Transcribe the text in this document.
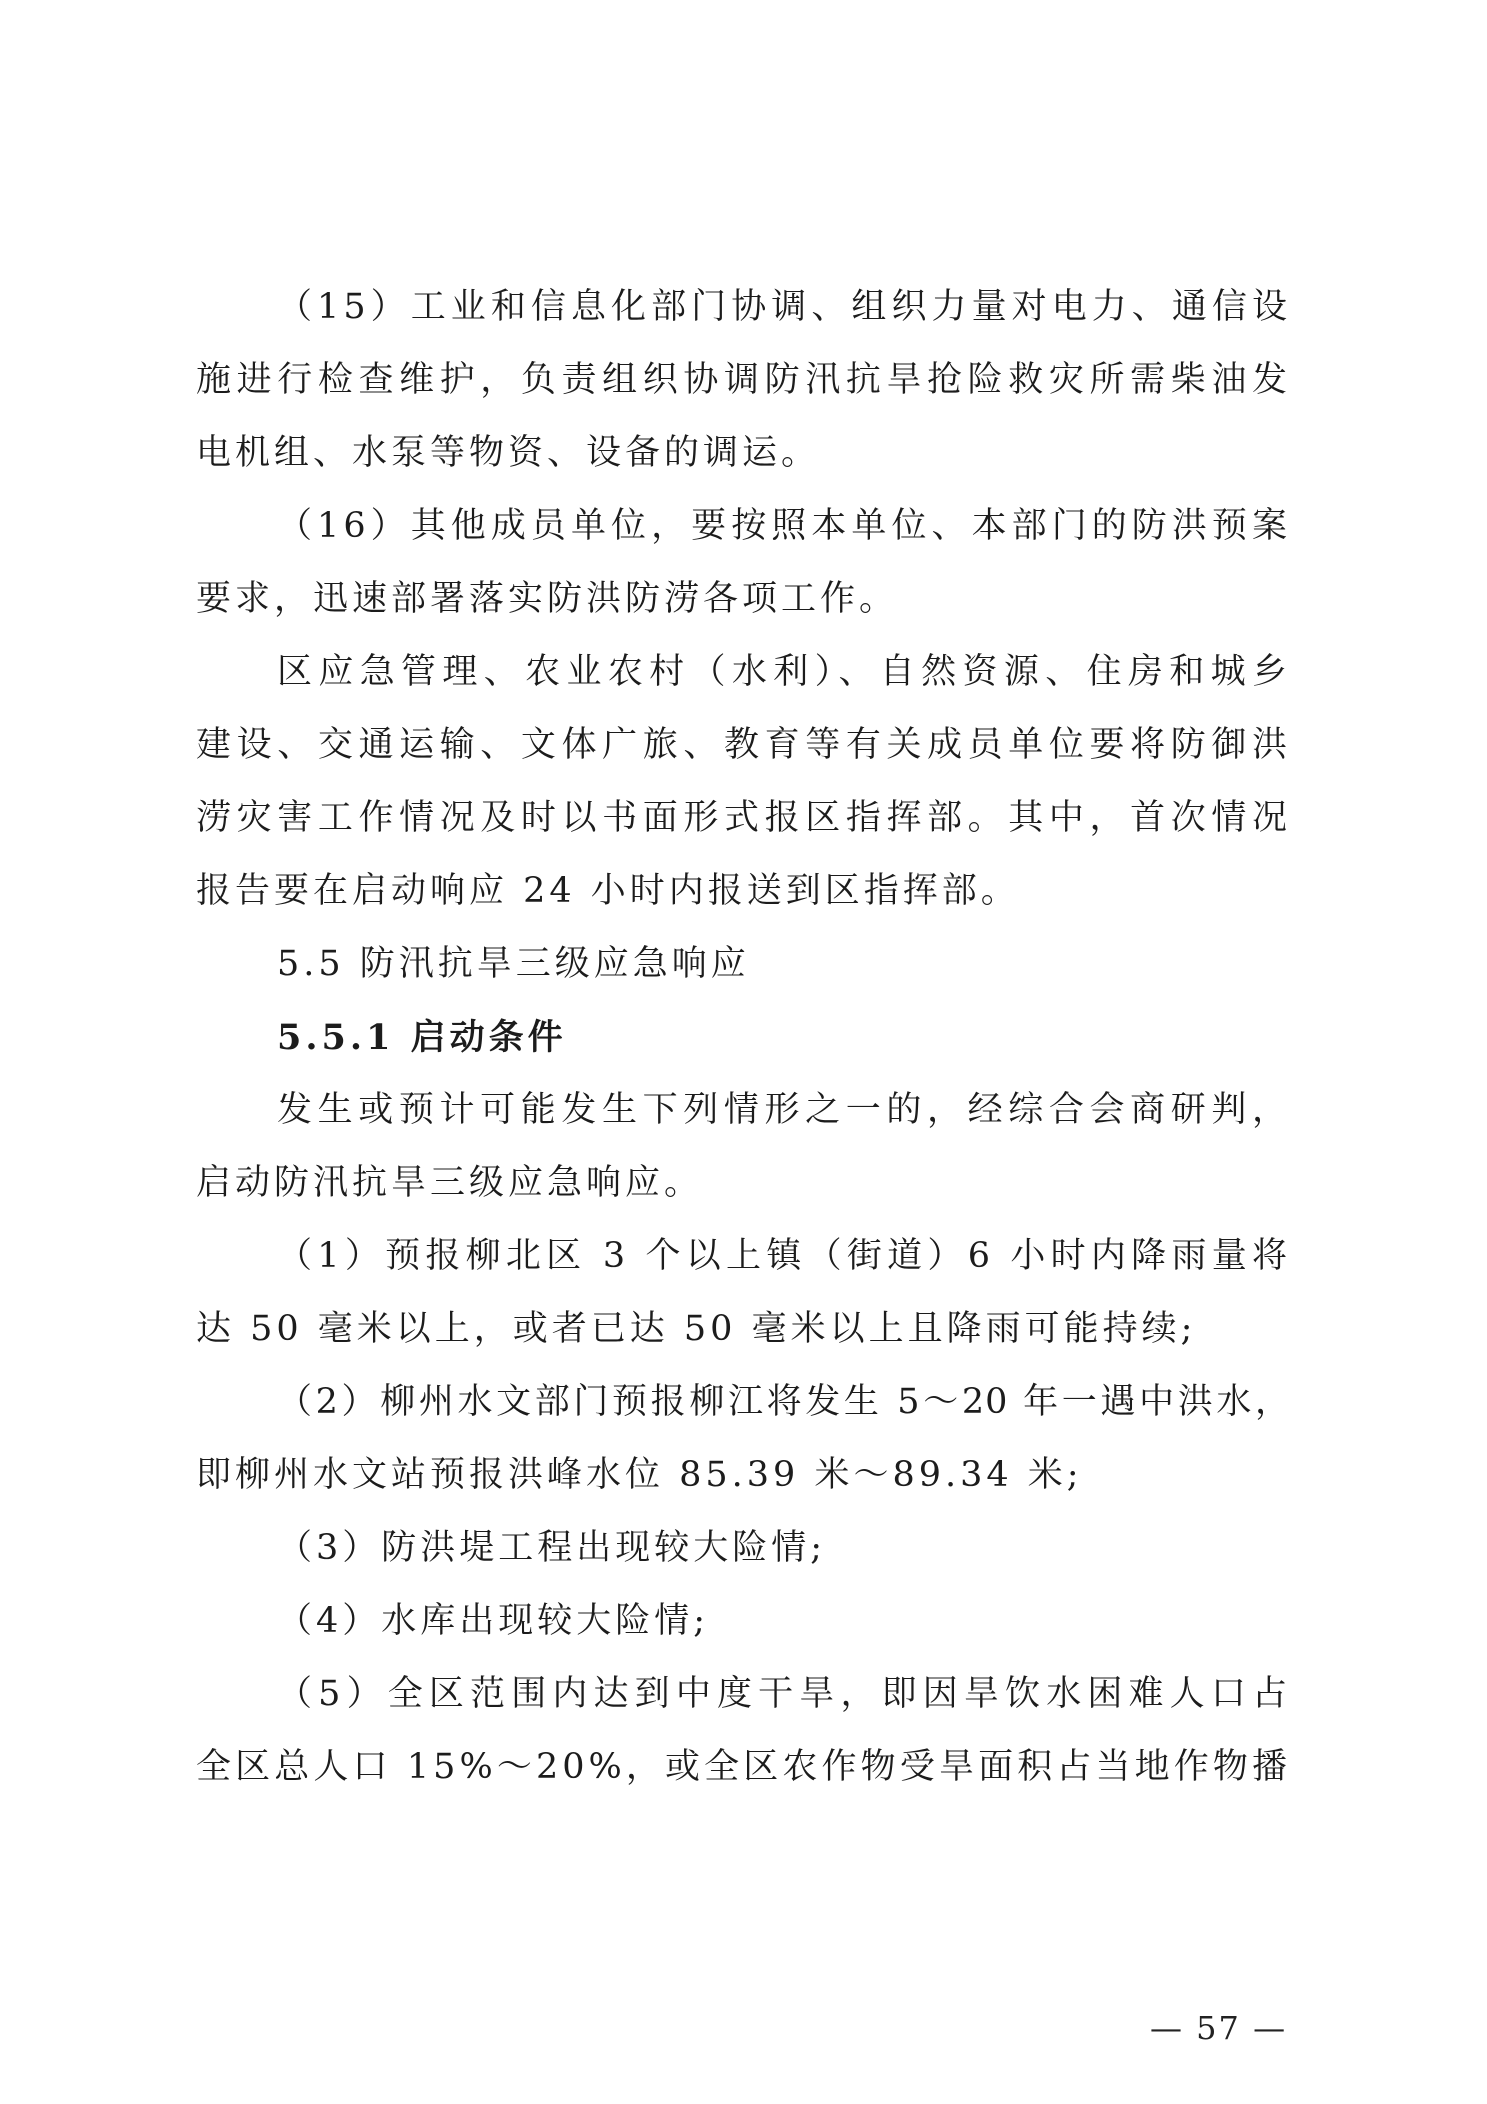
（15）工业和信息化部门协调、组织力量对电力、通信设
施进行检查维护，负责组织协调防汛抗旱抢险救灾所需柴油发
电机组、水泵等物资、设备的调运。
（16）其他成员单位，要按照本单位、本部门的防洪预案
要求，迅速部署落实防洪防涝各项工作。
区应急管理、农业农村（水利）、自然资源、住房和城乡
建设、交通运输、文体广旅、教育等有关成员单位要将防御洪
涝灾害工作情况及时以书面形式报区指挥部。其中，首次情况
报告要在启动响应 24 小时内报送到区指挥部。
5.5 防汛抗旱三级应急响应
5.5.1 启动条件
发生或预计可能发生下列情形之一的，经综合会商研判，
启动防汛抗旱三级应急响应。
（1）预报柳北区 3 个以上镇（街道）6 小时内降雨量将
达 50 毫米以上，或者已达 50 毫米以上且降雨可能持续;
（2）柳州水文部门预报柳江将发生 5～20 年一遇中洪水，
即柳州水文站预报洪峰水位 85.39 米～89.34 米;
（3）防洪堤工程出现较大险情;
（4）水库出现较大险情;
（5）全区范围内达到中度干旱，即因旱饮水困难人口占
全区总人口 15%～20%，或全区农作物受旱面积占当地作物播
— 57 —
